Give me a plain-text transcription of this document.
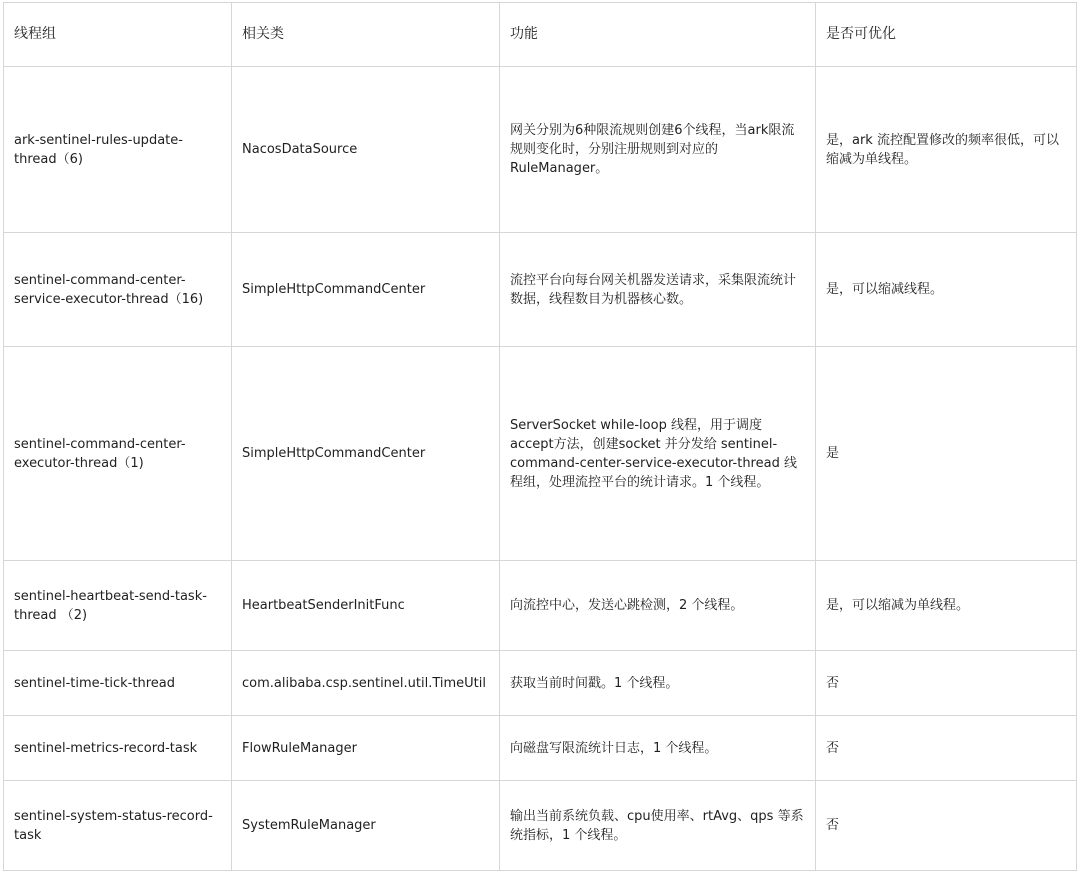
线程组	相关类	功能	是否可优化
ark-sentinel-rules-update-thread（6)	NacosDataSource	网关分别为6种限流规则创建6个线程，当ark限流规则变化时，分别注册规则到对应的RuleManager。	是，ark 流控配置修改的频率很低，可以缩减为单线程。
sentinel-command-center-service-executor-thread（16)	SimpleHttpCommandCenter	流控平台向每台网关机器发送请求，采集限流统计数据，线程数目为机器核心数。	是，可以缩减线程。
sentinel-command-center-executor-thread（1)	SimpleHttpCommandCenter	ServerSocket while-loop 线程，用于调度accept方法，创建socket 并分发给 sentinel-command-center-service-executor-thread 线程组，处理流控平台的统计请求。1 个线程。	是
sentinel-heartbeat-send-task-thread （2)	HeartbeatSenderInitFunc	向流控中心，发送心跳检测，2 个线程。	是，可以缩减为单线程。
sentinel-time-tick-thread	com.alibaba.csp.sentinel.util.TimeUtil	获取当前时间戳。1 个线程。	否
sentinel-metrics-record-task	FlowRuleManager	向磁盘写限流统计日志，1 个线程。	否
sentinel-system-status-record-task	SystemRuleManager	输出当前系统负载、cpu使用率、rtAvg、qps 等系统指标，1 个线程。	否
